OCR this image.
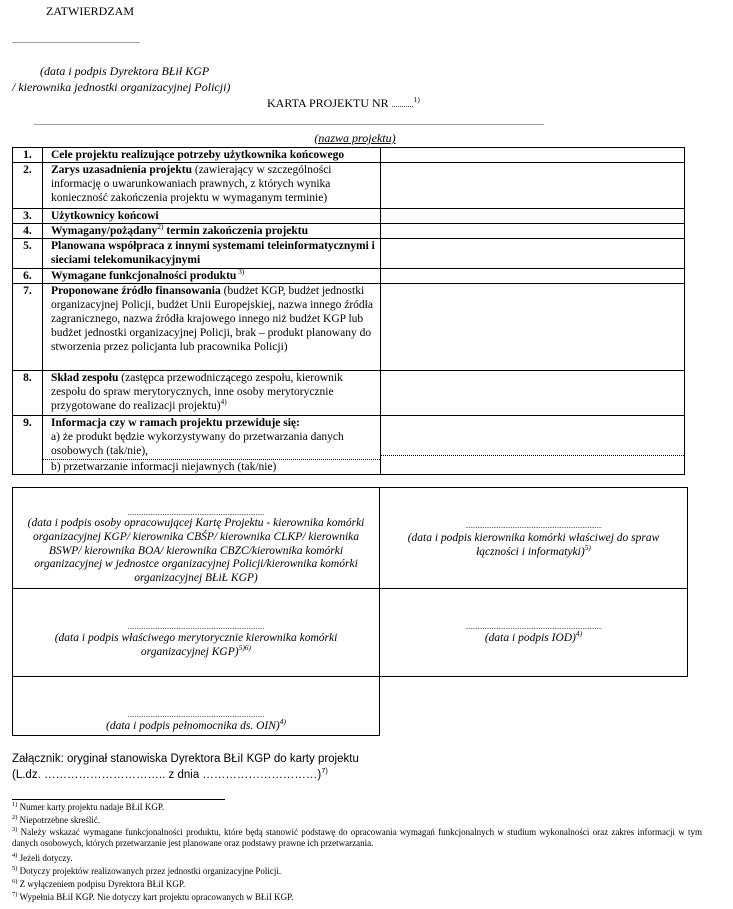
ZATWIERDZAM
................................................................
(data i podpis Dyrektora BŁił KGP
/ kierownika jednostki organizacyjnej Policji)
KARTA PROJEKTU NR ...........$^{1)}$
...............................................................................................................................................................................................................................................................
(nazwa projektu)
1.	Cele projektu realizujące potrzeby użytkownika końcowego	
2.	Zarys uzasadnienia projektu (zawierający w szczególności informację o uwarunkowaniach prawnych, z których wynika konieczność zakończenia projektu w wymaganym terminie)	
3.	Użytkownicy końcowi	
4.	Wymagany/pożądany$^{2)}$ termin zakończenia projektu	
5.	Planowana współpraca z innymi systemami teleinformatycznymi i sieciami telekomunikacyjnymi	
6.	Wymagane funkcjonalności produktu $^{3)}$	
7.	Proponowane źródło finansowania (budżet KGP, budżet jednostki organizacyjnej Policji, budżet Unii Europejskiej, nazwa innego źródła zagranicznego, nazwa źródła krajowego innego niż budżet KGP lub budżet jednostki organizacyjnej Policji, brak – produkt planowany do stworzenia przez policjanta lub pracownika Policji)	
8.	Skład zespołu (zastępca przewodniczącego zespołu, kierownik zespołu do spraw merytorycznych, inne osoby merytorycznie przygotowane do realizacji projektu)$^{4)}$	
9.	Informacja czy w ramach projektu przewiduje się:
a) że produkt będzie wykorzystywany do przetwarzania danych osobowych (tak/nie),
b) przetwarzanie informacji niejawnych (tak/nie)	

..............................................................................
(data i podpis osoby opracowującej Kartę Projektu - kierownika komórki organizacyjnej KGP/ kierownika CBŚP/ kierownika CLKP/ kierownika BSWP/ kierownika BOA/ kierownika CBZC/kierownika komórki organizacyjnej w jednostce organizacyjnej Policji/kierownika komórki organizacyjnej BŁiŁ KGP)
..............................................................................
(data i podpis kierownika komórki właściwej do spraw łączności i informatyki)$^{5)}$
..............................................................................
(data i podpis właściwego merytorycznie kierownika komórki organizacyjnej KGP)$^{5)6)}$
..............................................................................
(data i podpis IOD)$^{4)}$
..............................................................................
(data i podpis pełnomocnika ds. OIN)$^{4)}$
Załącznik: oryginał stanowiska Dyrektora BŁiI KGP do karty projektu
(L.dz. ………………………….. z dnia …………………………)$^{7)}$
$^{1)}$ Numer karty projektu nadaje BŁiI KGP.
$^{2)}$ Niepotrzebne skreślić.
$^{3)}$ Należy wskazać wymagane funkcjonalności produktu, które będą stanowić podstawę do opracowania wymagań funkcjonalnych w studium wykonalności oraz zakres informacji w tym danych osobowych, których przetwarzanie jest planowane oraz podstawy prawne ich przetwarzania.
$^{4)}$ Jeżeli dotyczy.
$^{5)}$ Dotyczy projektów realizowanych przez jednostki organizacyjne Policji.
$^{6)}$ Z wyłączeniem podpisu Dyrektora BŁiI KGP.
$^{7)}$ Wypełnia BŁiI KGP. Nie dotyczy kart projektu opracowanych w BŁiI KGP.
